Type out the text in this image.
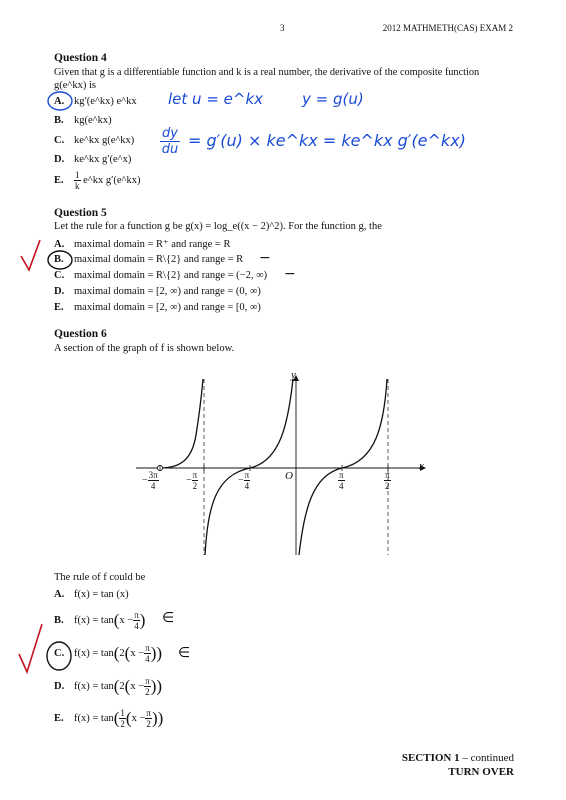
3	2012 MATHMETH(CAS) EXAM 2
Question 4
Given that g is a differentiable function and k is a real number, the derivative of the composite function
g(e^kx) is
A. kg′(e^kx) e^kx
B. kg(e^kx)
C. ke^kx g(e^kx)
D. ke^kx g′(e^x)
E. $\frac{1}{k}$ e^kx g′(e^kx)
let u = e^kx	y = g(u)
dy
du = g′(u) × ke^kx = ke^kx g′(e^kx)
Question 5
Let the rule for a function g be g(x) = log_e((x − 2)^2). For the function g, the
A. maximal domain = R⁺ and range = R
B. maximal domain = R\{2} and range = R
C. maximal domain = R\{2} and range = (−2, ∞)
D. maximal domain = [2, ∞) and range = (0, ∞)
E. maximal domain = [2, ∞) and range = [0, ∞)
−
−
Question 6
A section of the graph of f is shown below.
x
y
O
− $\frac{3\pi}{4}$	− $\frac{\pi}{2}$	− $\frac{\pi}{4}$	$\frac{\pi}{4}$	$\frac{\pi}{2}$
The rule of f could be
A. f(x) = tan (x)
B. $f(x) = \tan(x - \frac{\pi}{4}$ )
C. $f(x) = \tan(2(x - \frac{\pi}{4}$ ))
D. $f(x) = \tan(2(x - \frac{\pi}{2}$ ))
E. $f(x) = \tan( \frac{1}{2} (x - \frac{\pi}{2}$ ))
∈
∈
SECTION 1 – continued
TURN OVER
